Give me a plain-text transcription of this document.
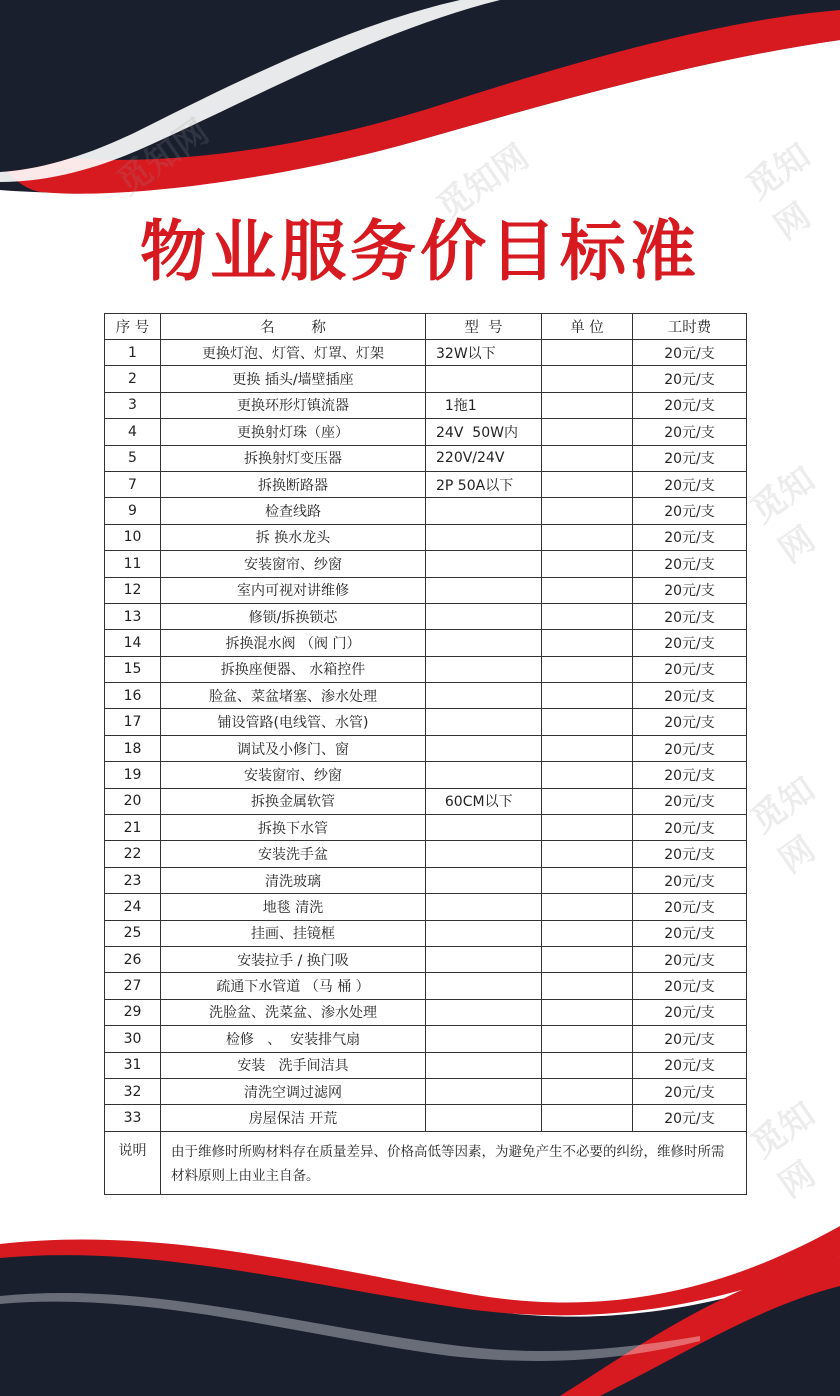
觅知网	觅知网
觅知网
觅知网
觅知网
物业服务价目标准
序 号	名        称	型  号	单 位	工时费
1	更换灯泡、灯管、灯罩、灯架	32W以下		20元/支
2	更换 插头/墙壁插座			20元/支
3	更换环形灯镇流器	1拖1		20元/支
4	更换射灯珠（座）	24V  50W内		20元/支
5	拆换射灯变压器	220V/24V		20元/支
7	拆换断路器	2P 50A以下		20元/支
9	检查线路			20元/支
10	拆 换水龙头			20元/支
11	安装窗帘、纱窗			20元/支
12	室内可视对讲维修			20元/支
13	修锁/拆换锁芯			20元/支
14	拆换混水阀 （阀 门）			20元/支
15	拆换座便器、 水箱控件			20元/支
16	脸盆、菜盆堵塞、渗水处理			20元/支
17	铺设管路(电线管、水管)			20元/支
18	调试及小修门、窗			20元/支
19	安装窗帘、纱窗			20元/支
20	拆换金属软管	60CM以下		20元/支
21	拆换下水管			20元/支
22	安装洗手盆			20元/支
23	清洗玻璃			20元/支
24	地毯 清洗			20元/支
25	挂画、挂镜框			20元/支
26	安装拉手 / 换门吸			20元/支
27	疏通下水管道 （马 桶 ）			20元/支
29	洗脸盆、洗菜盆、渗水处理			20元/支
30	检修   、  安装排气扇			20元/支
31	安装   洗手间洁具			20元/支
32	清洗空调过滤网			20元/支
33	房屋保洁 开荒			20元/支
说明	由于维修时所购材料存在质量差异、价格高低等因素，为避免产生不必要的纠纷，维修时所需材料原则上由业主自备。			
